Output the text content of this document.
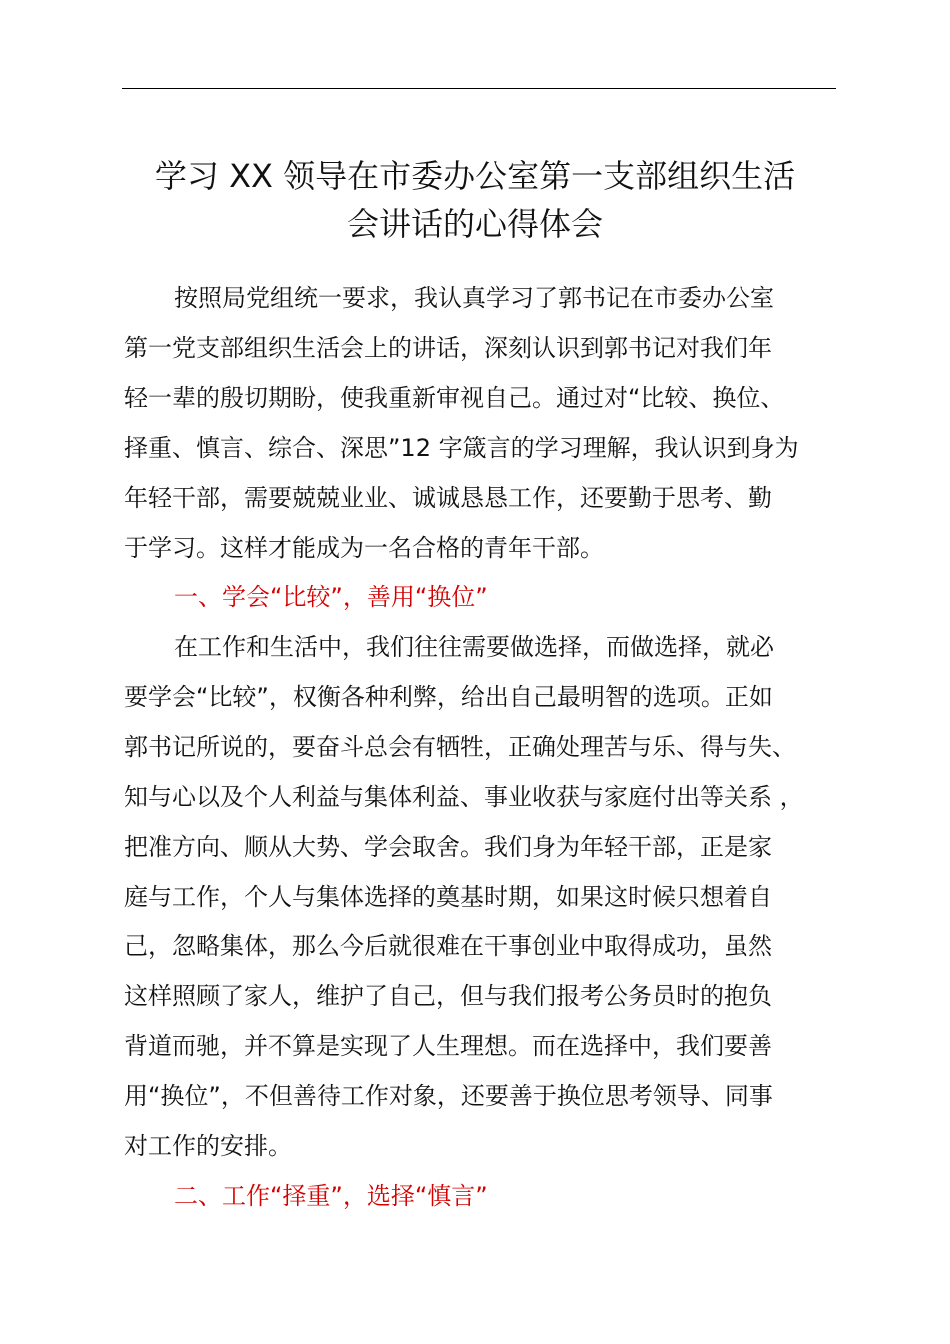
学习 XX 领导在市委办公室第一支部组织生活
会讲话的心得体会
按照局党组统一要求，我认真学习了郭书记在市委办公室
第一党支部组织生活会上的讲话，深刻认识到郭书记对我们年
轻一辈的殷切期盼，使我重新审视自己。通过对“比较、换位、
择重、慎言、综合、深思”12 字箴言的学习理解，我认识到身为
年轻干部，需要兢兢业业、诚诚恳恳工作，还要勤于思考、勤
于学习。这样才能成为一名合格的青年干部。
一、学会“比较”，善用“换位”
在工作和生活中，我们往往需要做选择，而做选择，就必
要学会“比较”，权衡各种利弊，给出自己最明智的选项。正如
郭书记所说的，要奋斗总会有牺牲，正确处理苦与乐、得与失、
知与心以及个人利益与集体利益、事业收获与家庭付出等关系 ，
把准方向、顺从大势、学会取舍。我们身为年轻干部，正是家
庭与工作，个人与集体选择的奠基时期，如果这时候只想着自
己，忽略集体，那么今后就很难在干事创业中取得成功，虽然
这样照顾了家人，维护了自己，但与我们报考公务员时的抱负
背道而驰，并不算是实现了人生理想。而在选择中，我们要善
用“换位”，不但善待工作对象，还要善于换位思考领导、同事
对工作的安排。
二、工作“择重”，选择“慎言”
